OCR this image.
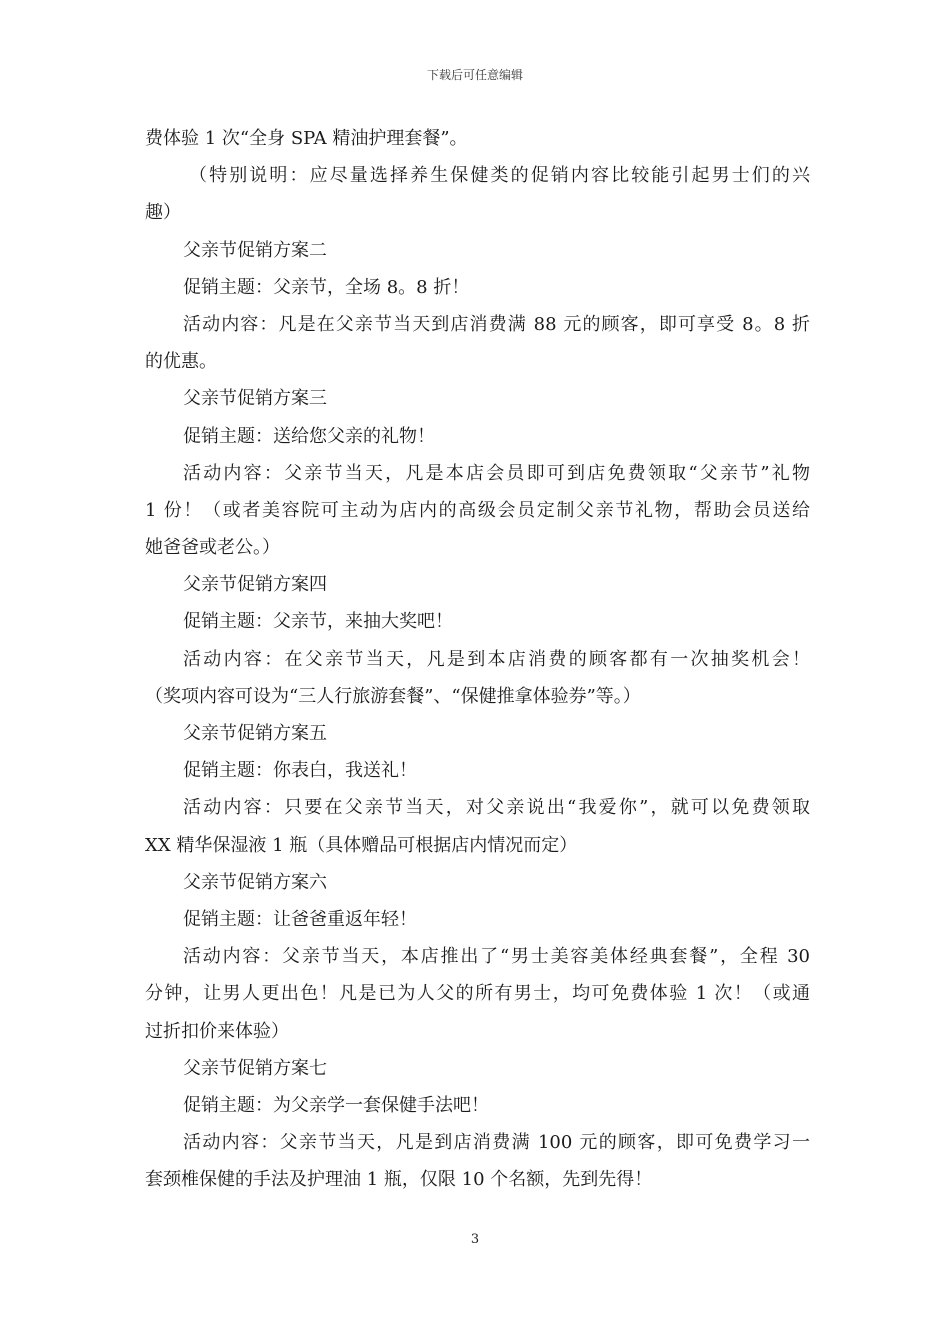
下载后可任意编辑
费体验 1 次“全身 SPA 精油护理套餐”。
（特别说明：应尽量选择养生保健类的促销内容比较能引起男士们的兴
趣）
父亲节促销方案二
促销主题：父亲节，全场 8。8 折！
活动内容：凡是在父亲节当天到店消费满 88 元的顾客，即可享受 8。8 折
的优惠。
父亲节促销方案三
促销主题：送给您父亲的礼物！
活动内容：父亲节当天，凡是本店会员即可到店免费领取“父亲节”礼物
1 份！（或者美容院可主动为店内的高级会员定制父亲节礼物，帮助会员送给
她爸爸或老公。）
父亲节促销方案四
促销主题：父亲节，来抽大奖吧！
活动内容：在父亲节当天，凡是到本店消费的顾客都有一次抽奖机会！
（奖项内容可设为“三人行旅游套餐”、“保健推拿体验券”等。）
父亲节促销方案五
促销主题：你表白，我送礼！
活动内容：只要在父亲节当天，对父亲说出“我爱你”，就可以免费领取
XX 精华保湿液 1 瓶（具体赠品可根据店内情况而定）
父亲节促销方案六
促销主题：让爸爸重返年轻！
活动内容：父亲节当天，本店推出了“男士美容美体经典套餐”，全程 30
分钟，让男人更出色！凡是已为人父的所有男士，均可免费体验 1 次！（或通
过折扣价来体验）
父亲节促销方案七
促销主题：为父亲学一套保健手法吧！
活动内容：父亲节当天，凡是到店消费满 100 元的顾客，即可免费学习一
套颈椎保健的手法及护理油 1 瓶，仅限 10 个名额，先到先得！
3
